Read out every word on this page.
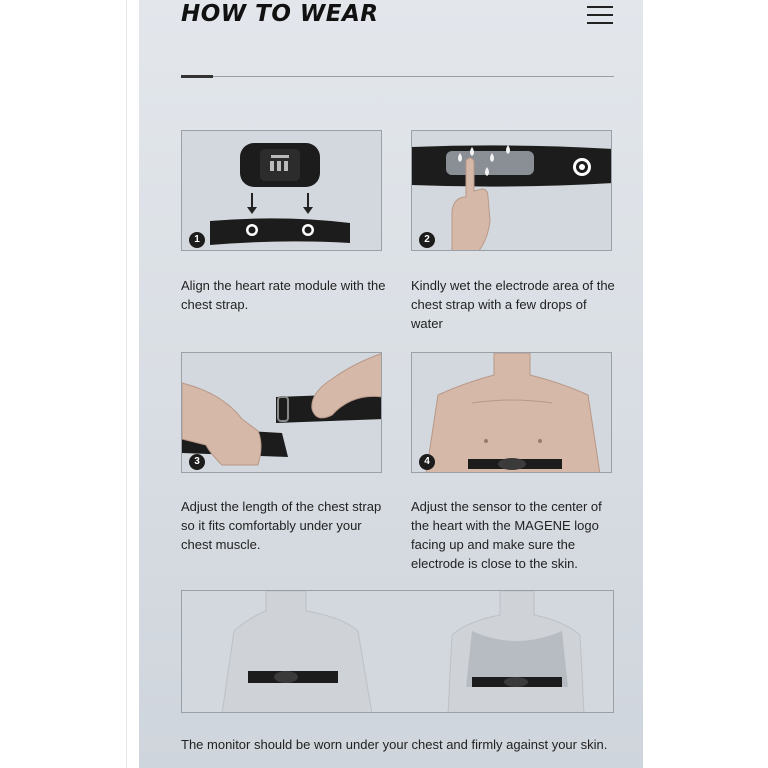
HOW TO WEAR
1
Align the heart rate module with the chest strap.
2
Kindly wet the electrode area of the chest strap with a few drops of water
3
Adjust the length of the chest strap so it fits comfortably under your chest muscle.
4
Adjust the sensor to the center of the heart with the MAGENE logo facing up and make sure the electrode is close to the skin.
The monitor should be worn under your chest and firmly against your skin.
